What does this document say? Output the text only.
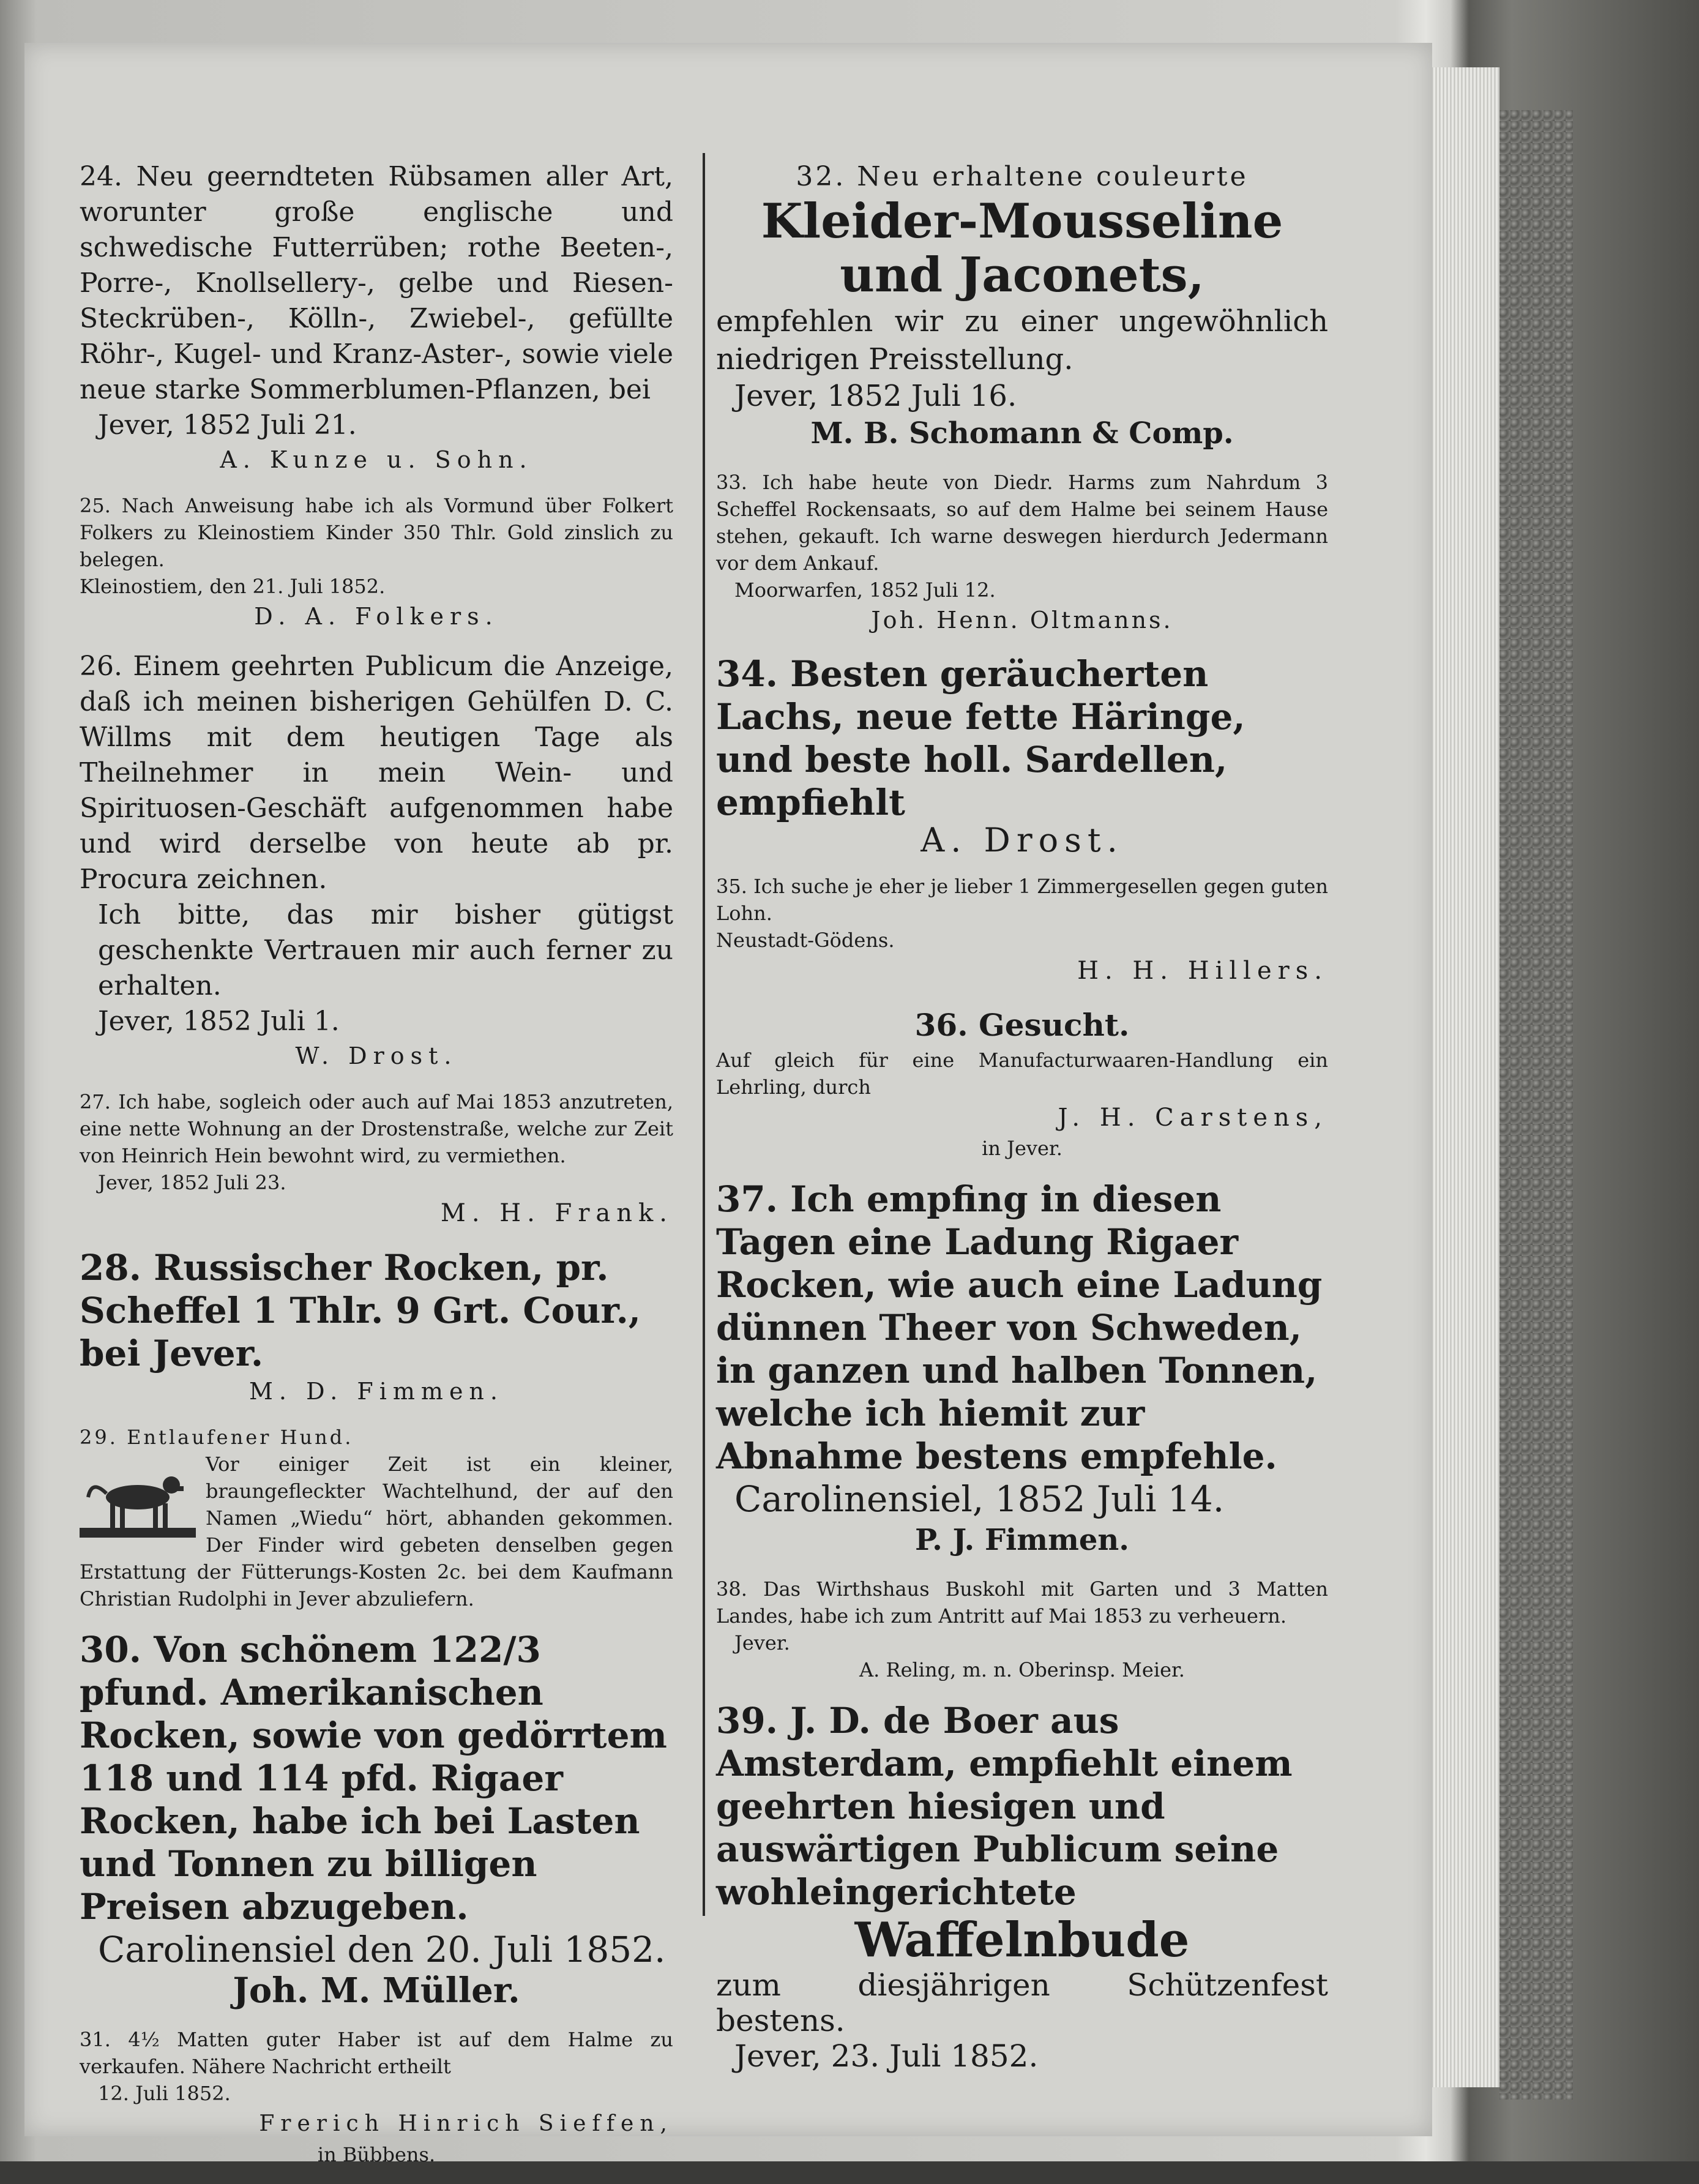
24. Neu geerndteten Rübsamen aller Art, worunter große englische und schwedische Futterrüben; rothe Beeten-, Porre-, Knollsellery-, gelbe und Riesen-Steckrüben-, Kölln-, Zwiebel-, gefüllte Röhr-, Kugel- und Kranz-Aster-, sowie viele neue starke Sommerblumen-Pflanzen, bei

Jever, 1852 Juli 21.

A. Kunze u. Sohn.

25. Nach Anweisung habe ich als Vormund über Folkert Folkers zu Kleinostiem Kinder 350 Thlr. Gold zinslich zu belegen.

Kleinostiem, den 21. Juli 1852.

D. A. Folkers.

26. Einem geehrten Publicum die Anzeige, daß ich meinen bisherigen Gehülfen D. C. Willms mit dem heutigen Tage als Theilnehmer in mein Wein- und Spirituosen-Geschäft aufgenommen habe und wird derselbe von heute ab pr. Procura zeichnen.

Ich bitte, das mir bisher gütigst geschenkte Vertrauen mir auch ferner zu erhalten.

Jever, 1852 Juli 1.

W. Drost.

27. Ich habe, sogleich oder auch auf Mai 1853 anzutreten, eine nette Wohnung an der Drostenstraße, welche zur Zeit von Heinrich Hein bewohnt wird, zu vermiethen.

Jever, 1852 Juli 23.

M. H. Frank.

28. Russischer Rocken, pr. Scheffel 1 Thlr. 9 Grt. Cour., bei Jever.

M. D. Fimmen.

29. Entlaufener Hund.

Vor einiger Zeit ist ein kleiner, braungefleckter Wachtelhund, der auf den Namen „Wiedu“ hört, abhanden gekommen. Der Finder wird gebeten denselben gegen Erstattung der Fütterungs-Kosten 2c. bei dem Kaufmann Christian Rudolphi in Jever abzuliefern.

30. Von schönem 122/3 pfund. Amerikanischen Rocken, sowie von gedörrtem 118 und 114 pfd. Rigaer Rocken, habe ich bei Lasten und Tonnen zu billigen Preisen abzugeben.

Carolinensiel den 20. Juli 1852.

Joh. M. Müller.

31. 4½ Matten guter Haber ist auf dem Halme zu verkaufen. Nähere Nachricht ertheilt

12. Juli 1852.

Frerich Hinrich Sieffen,

in Bübbens.

32. Neu erhaltene couleurte

Kleider-Mousseline und Jaconets,

empfehlen wir zu einer ungewöhnlich niedrigen Preisstellung.

Jever, 1852 Juli 16.

M. B. Schomann & Comp.

33. Ich habe heute von Diedr. Harms zum Nahrdum 3 Scheffel Rockensaats, so auf dem Halme bei seinem Hause stehen, gekauft. Ich warne deswegen hierdurch Jedermann vor dem Ankauf.

Moorwarfen, 1852 Juli 12.

Joh. Henn. Oltmanns.

34. Besten geräucherten Lachs, neue fette Häringe, und beste holl. Sardellen, empfiehlt

A. Drost.

35. Ich suche je eher je lieber 1 Zimmergesellen gegen guten Lohn.

Neustadt-Gödens.

H. H. Hillers.

36. Gesucht.

Auf gleich für eine Manufacturwaaren-Handlung ein Lehrling, durch

J. H. Carstens,

in Jever.

37. Ich empfing in diesen Tagen eine Ladung Rigaer Rocken, wie auch eine Ladung dünnen Theer von Schweden, in ganzen und halben Tonnen, welche ich hiemit zur Abnahme bestens empfehle.

Carolinensiel, 1852 Juli 14.

P. J. Fimmen.

38. Das Wirthshaus Buskohl mit Garten und 3 Matten Landes, habe ich zum Antritt auf Mai 1853 zu verheuern.

Jever.

A. Reling, m. n. Oberinsp. Meier.

39. J. D. de Boer aus Amsterdam, empfiehlt einem geehrten hiesigen und auswärtigen Publicum seine wohleingerichtete

Waffelnbude

zum diesjährigen Schützenfest bestens.

Jever, 23. Juli 1852.
